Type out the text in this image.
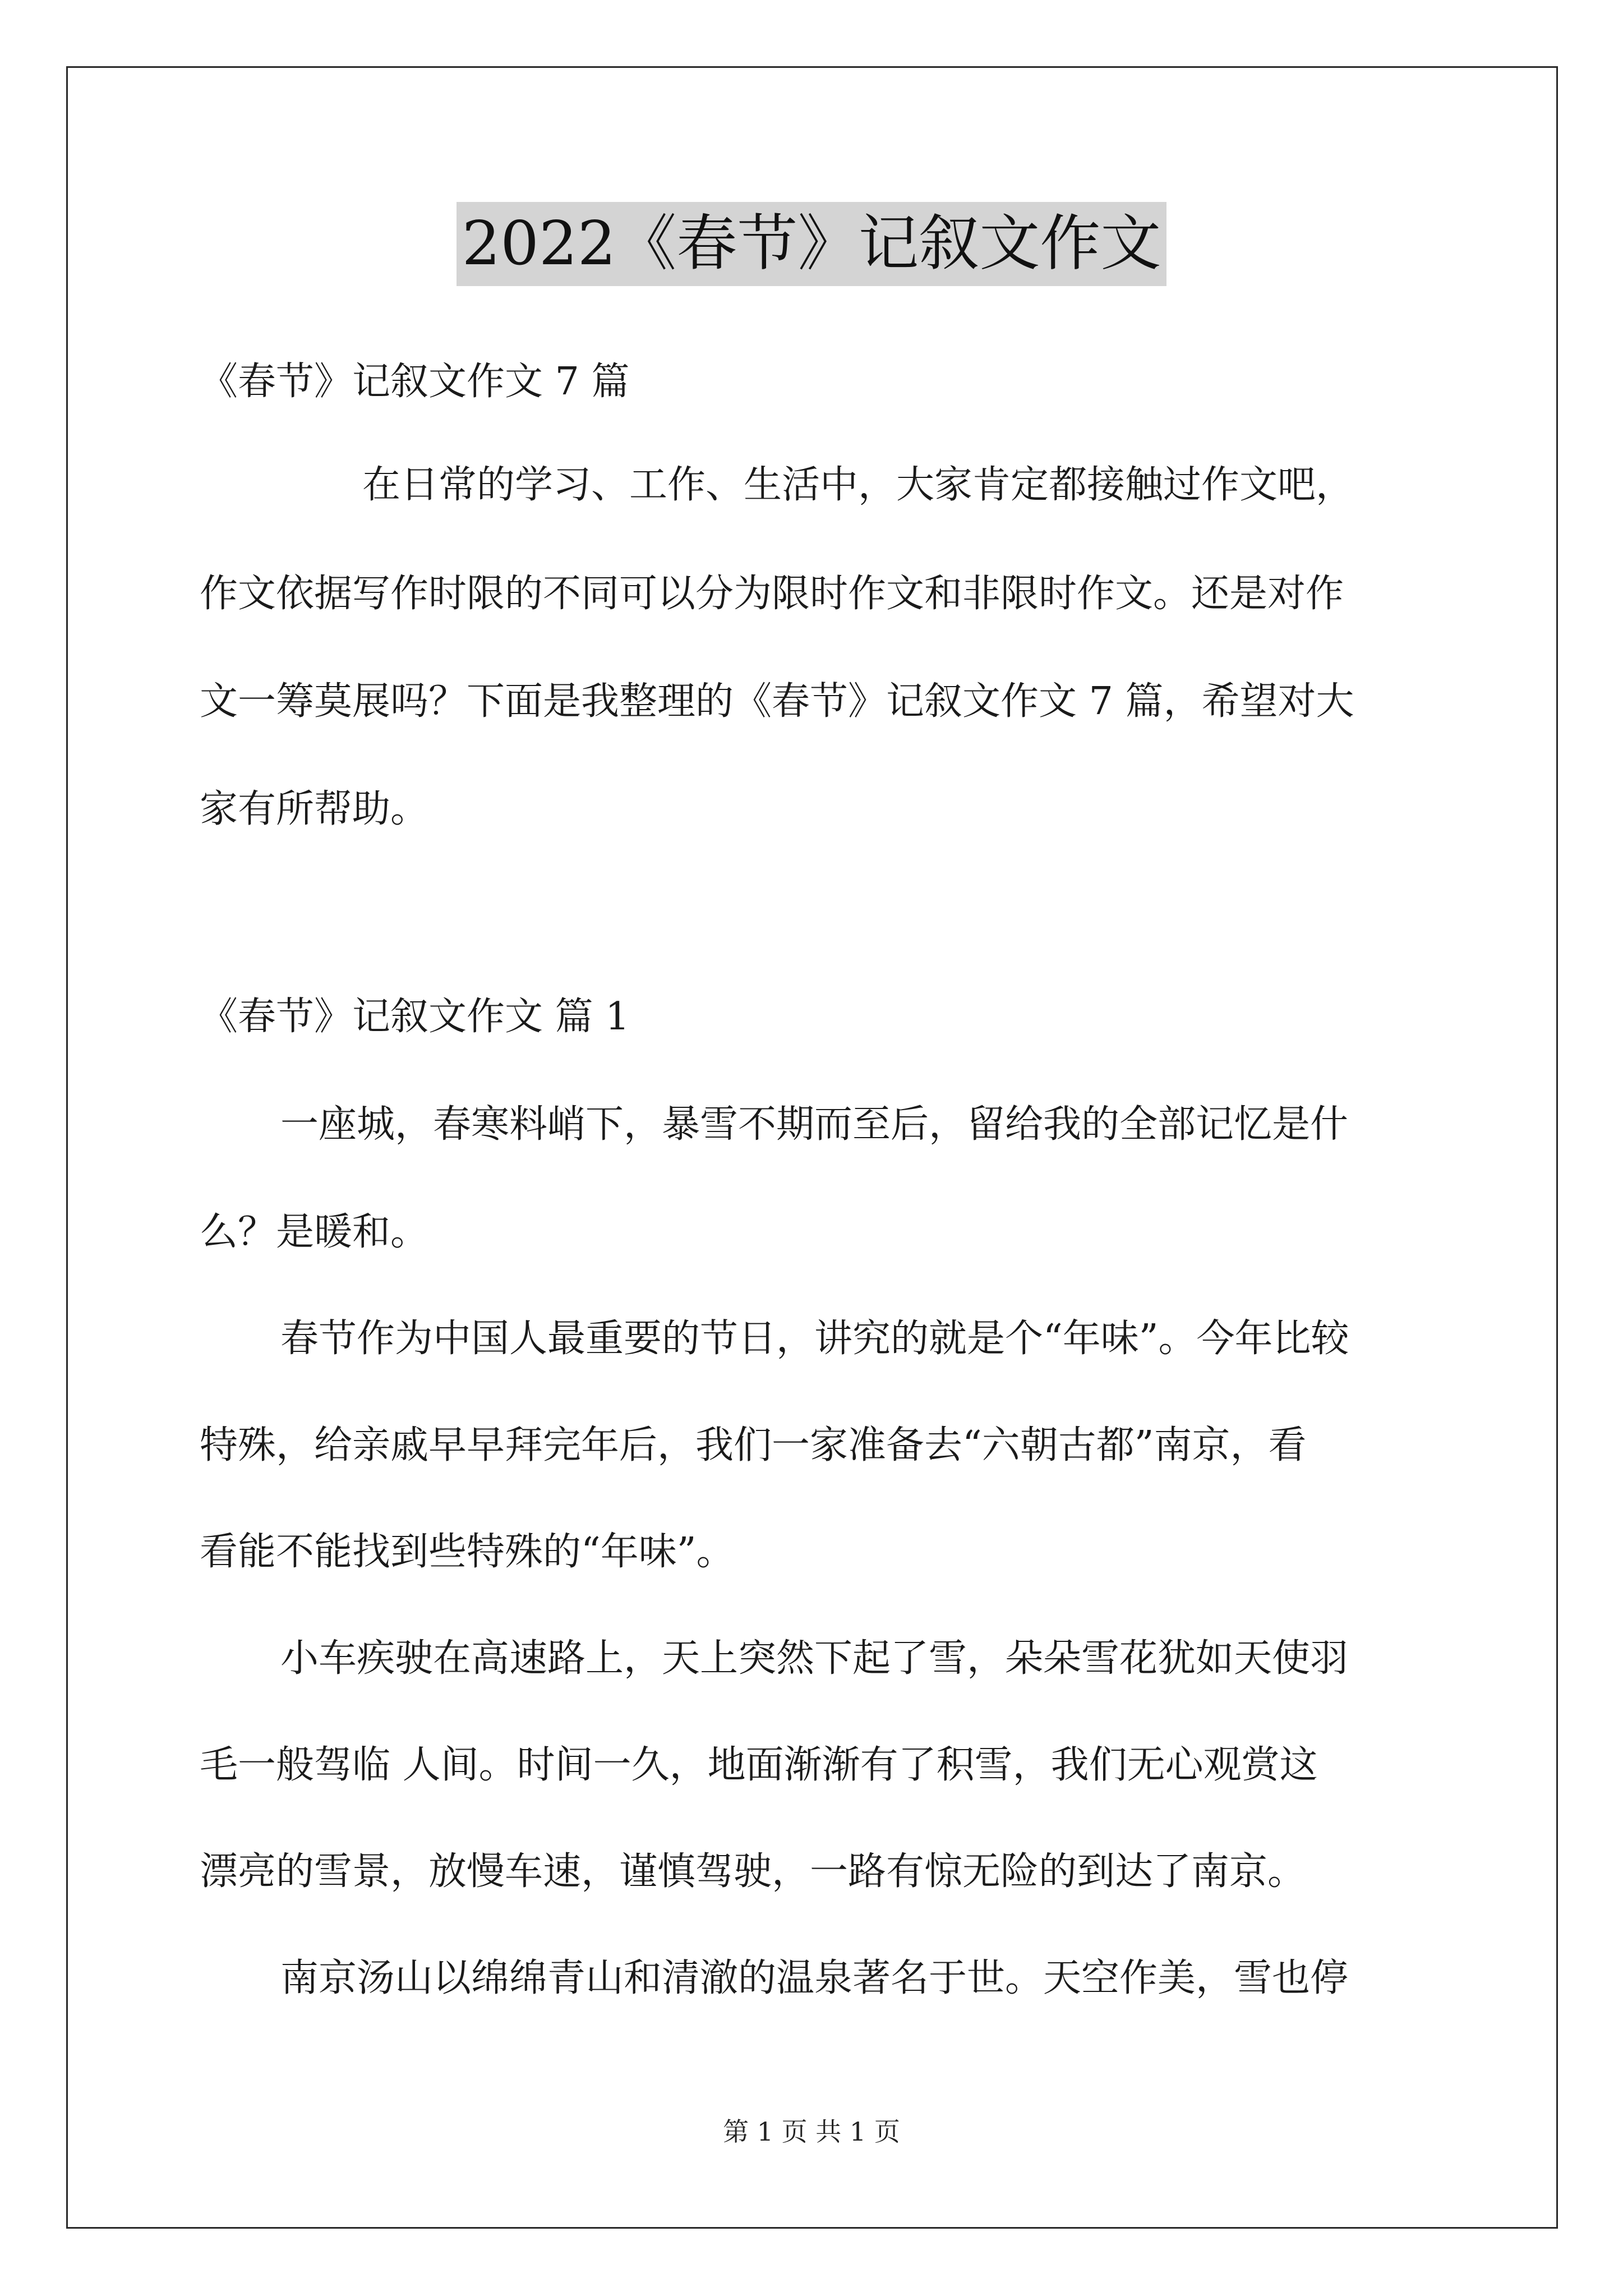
2022《春节》记叙文作文
《春节》记叙文作文 7 篇
在日常的学习、工作、生活中，大家肯定都接触过作文吧，
作文依据写作时限的不同可以分为限时作文和非限时作文。还是对作
文一筹莫展吗？下面是我整理的《春节》记叙文作文 7 篇，希望对大
家有所帮助。
《春节》记叙文作文 篇 1
一座城，春寒料峭下，暴雪不期而至后，留给我的全部记忆是什
么？是暖和。
春节作为中国人最重要的节日，讲究的就是个“年味”。今年比较
特殊，给亲戚早早拜完年后，我们一家准备去“六朝古都”南京，看
看能不能找到些特殊的“年味”。
小车疾驶在高速路上，天上突然下起了雪，朵朵雪花犹如天使羽
毛一般驾临 人间。时间一久，地面渐渐有了积雪，我们无心观赏这
漂亮的雪景，放慢车速，谨慎驾驶，一路有惊无险的到达了南京。
南京汤山以绵绵青山和清澈的温泉著名于世。天空作美，雪也停
第 1 页 共 1 页
